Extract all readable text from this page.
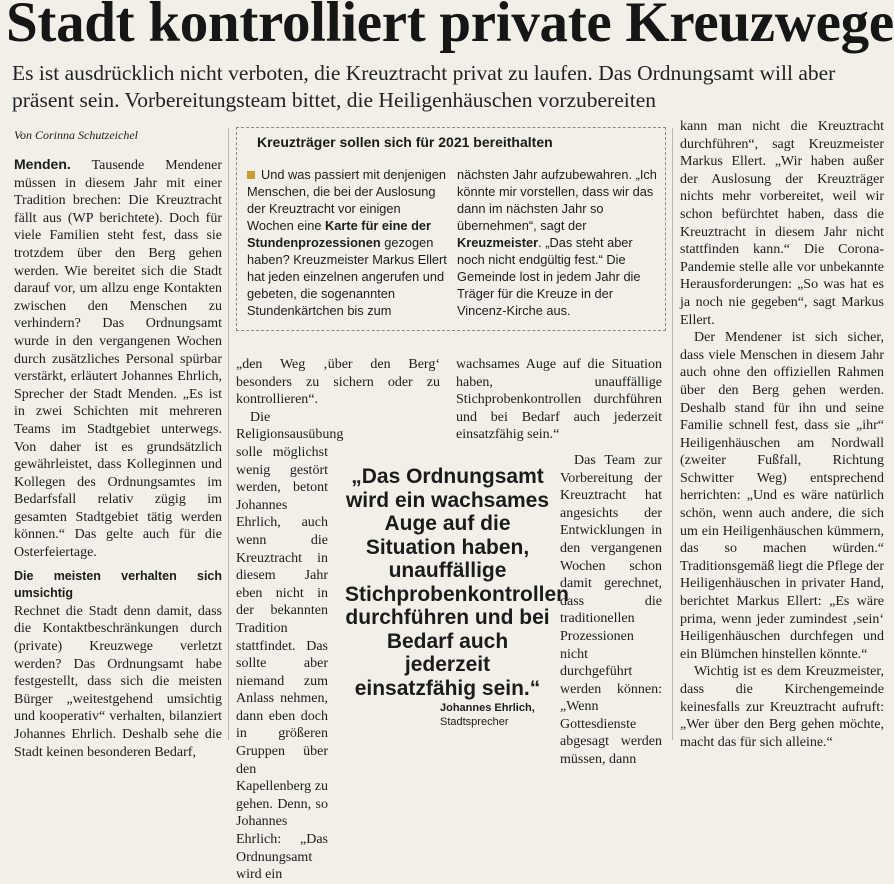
Stadt kontrolliert private Kreuzwege
Es ist ausdrücklich nicht verboten, die Kreuztracht privat zu laufen. Das Ordnungsamt will aber präsent sein. Vorbereitungsteam bittet, die Heiligenhäuschen vorzubereiten
Von Corinna Schutzeichel

Menden. Tausende Mendener müssen in diesem Jahr mit einer Tradition brechen: Die Kreuztracht fällt aus (WP berichtete). Doch für viele Familien steht fest, dass sie trotzdem über den Berg gehen werden. Wie bereitet sich die Stadt darauf vor, um allzu enge Kontakten zwischen den Menschen zu verhindern? Das Ordnungsamt wurde in den vergangenen Wochen durch zusätzliches Personal spürbar verstärkt, erläutert Johannes Ehrlich, Sprecher der Stadt Menden. „Es ist in zwei Schichten mit mehreren Teams im Stadtgebiet unterwegs. Von daher ist es grundsätzlich gewährleistet, dass Kolleginnen und Kollegen des Ordnungsamtes im Bedarfsfall relativ zügig im gesamten Stadtgebiet tätig werden können.“ Das gelte auch für die Osterfeiertage.

Die meisten verhalten sich umsichtig

Rechnet die Stadt denn damit, dass die Kontaktbeschränkungen durch (private) Kreuzwege verletzt werden? Das Ordnungsamt habe festgestellt, dass sich die meisten Bürger „weitestgehend umsichtig und kooperativ“ verhalten, bilanziert Johannes Ehrlich. Deshalb sehe die Stadt keinen besonderen Bedarf,

Kreuzträger sollen sich für 2021 bereithalten

Und was passiert mit denjenigen Menschen, die bei der Auslosung der Kreuztracht vor einigen Wochen eine Karte für eine der Stundenprozessionen gezogen haben? Kreuzmeister Markus Ellert hat jeden einzelnen angerufen und gebeten, die sogenannten Stundenkärtchen bis zum

nächsten Jahr aufzubewahren. „Ich könnte mir vorstellen, dass wir das dann im nächsten Jahr so übernehmen“, sagt der Kreuzmeister. „Das steht aber noch nicht endgültig fest.“ Die Gemeinde lost in jedem Jahr die Träger für die Kreuze in der Vincenz-Kirche aus.

„den Weg ‚über den Berg‘ besonders zu sichern oder zu kontrollieren“.

Die Religionsausübung solle möglichst wenig gestört werden, betont Johannes Ehrlich, auch wenn die Kreuztracht in diesem Jahr eben nicht in der bekannten Tradition stattfindet. Das sollte aber niemand zum Anlass nehmen, dann eben doch in größeren Gruppen über den Kapellenberg zu gehen. Denn, so Johannes Ehrlich: „Das Ordnungsamt wird ein

wachsames Auge auf die Situation haben, unauffällige Stichprobenkontrollen durchführen und bei Bedarf auch jederzeit einsatzfähig sein.“

Das Team zur Vorbereitung der Kreuztracht hat angesichts der Entwicklungen in den vergangenen Wochen schon damit gerechnet, dass die traditionellen Prozessionen nicht durchgeführt werden können: „Wenn Gottesdienste abgesagt werden müssen, dann

„Das Ordnungsamt wird ein wachsames Auge auf die Situation haben, unauffällige Stichprobenkontrollen durchführen und bei Bedarf auch jederzeit einsatzfähig sein.“
Johannes Ehrlich,
Stadtsprecher

kann man nicht die Kreuztracht durchführen“, sagt Kreuzmeister Markus Ellert. „Wir haben außer der Auslosung der Kreuzträger nichts mehr vorbereitet, weil wir schon befürchtet haben, dass die Kreuztracht in diesem Jahr nicht stattfinden kann.“ Die Corona-Pandemie stelle alle vor unbekannte Herausforderungen: „So was hat es ja noch nie gegeben“, sagt Markus Ellert.

Der Mendener ist sich sicher, dass viele Menschen in diesem Jahr auch ohne den offiziellen Rahmen über den Berg gehen werden. Deshalb stand für ihn und seine Familie schnell fest, dass sie „ihr“ Heiligenhäuschen am Nordwall (zweiter Fußfall, Richtung Schwitter Weg) entsprechend herrichten: „Und es wäre natürlich schön, wenn auch andere, die sich um ein Heiligenhäuschen kümmern, das so machen würden.“ Traditionsgemäß liegt die Pflege der Heiligenhäuschen in privater Hand, berichtet Markus Ellert: „Es wäre prima, wenn jeder zumindest ‚sein‘ Heiligenhäuschen durchfegen und ein Blümchen hinstellen könnte.“

Wichtig ist es dem Kreuzmeister, dass die Kirchengemeinde keinesfalls zur Kreuztracht aufruft: „Wer über den Berg gehen möchte, macht das für sich alleine.“
